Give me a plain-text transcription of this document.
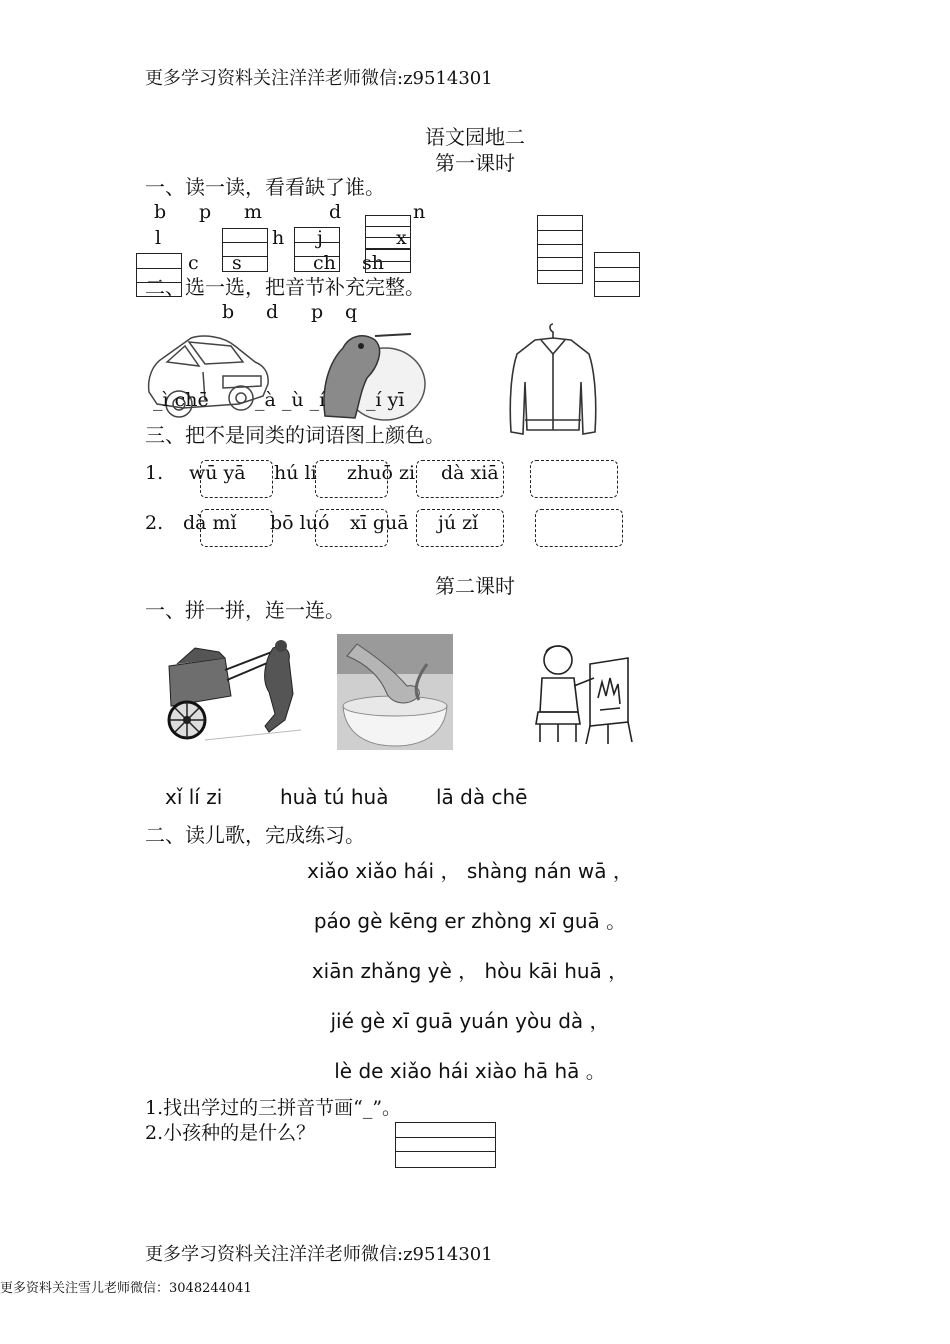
更多学习资料关注洋洋老师微信:z9514301
语文园地二
第一课时
一、读一读，看看缺了谁。
b p m	d	n
l	h j	x
c s	ch sh
二、选一选，把音节补充完整。
b d p q
_ì chē _à _ù _í _í yī
三、把不是同类的词语图上颜色。
1. wū yā hú li zhuō zi dà xiā
2. dà mǐ bō luó xī guā jú zǐ
第二课时
一、拼一拼，连一连。
xǐ lí zi	huà tú huà lā dà chē
二、读儿歌，完成练习。
xiǎo xiǎo hái ， shàng nán wā ，
páo gè kēng er zhòng xī guā 。
xiān zhǎng yè ， hòu kāi huā ，
jié gè xī guā yuán yòu dà ，
lè de xiǎo hái xiào hā hā 。
1.找出学过的三拼音节画“_”。
2.小孩种的是什么？
更多学习资料关注洋洋老师微信:z9514301
更多资料关注雪儿老师微信：3048244041
